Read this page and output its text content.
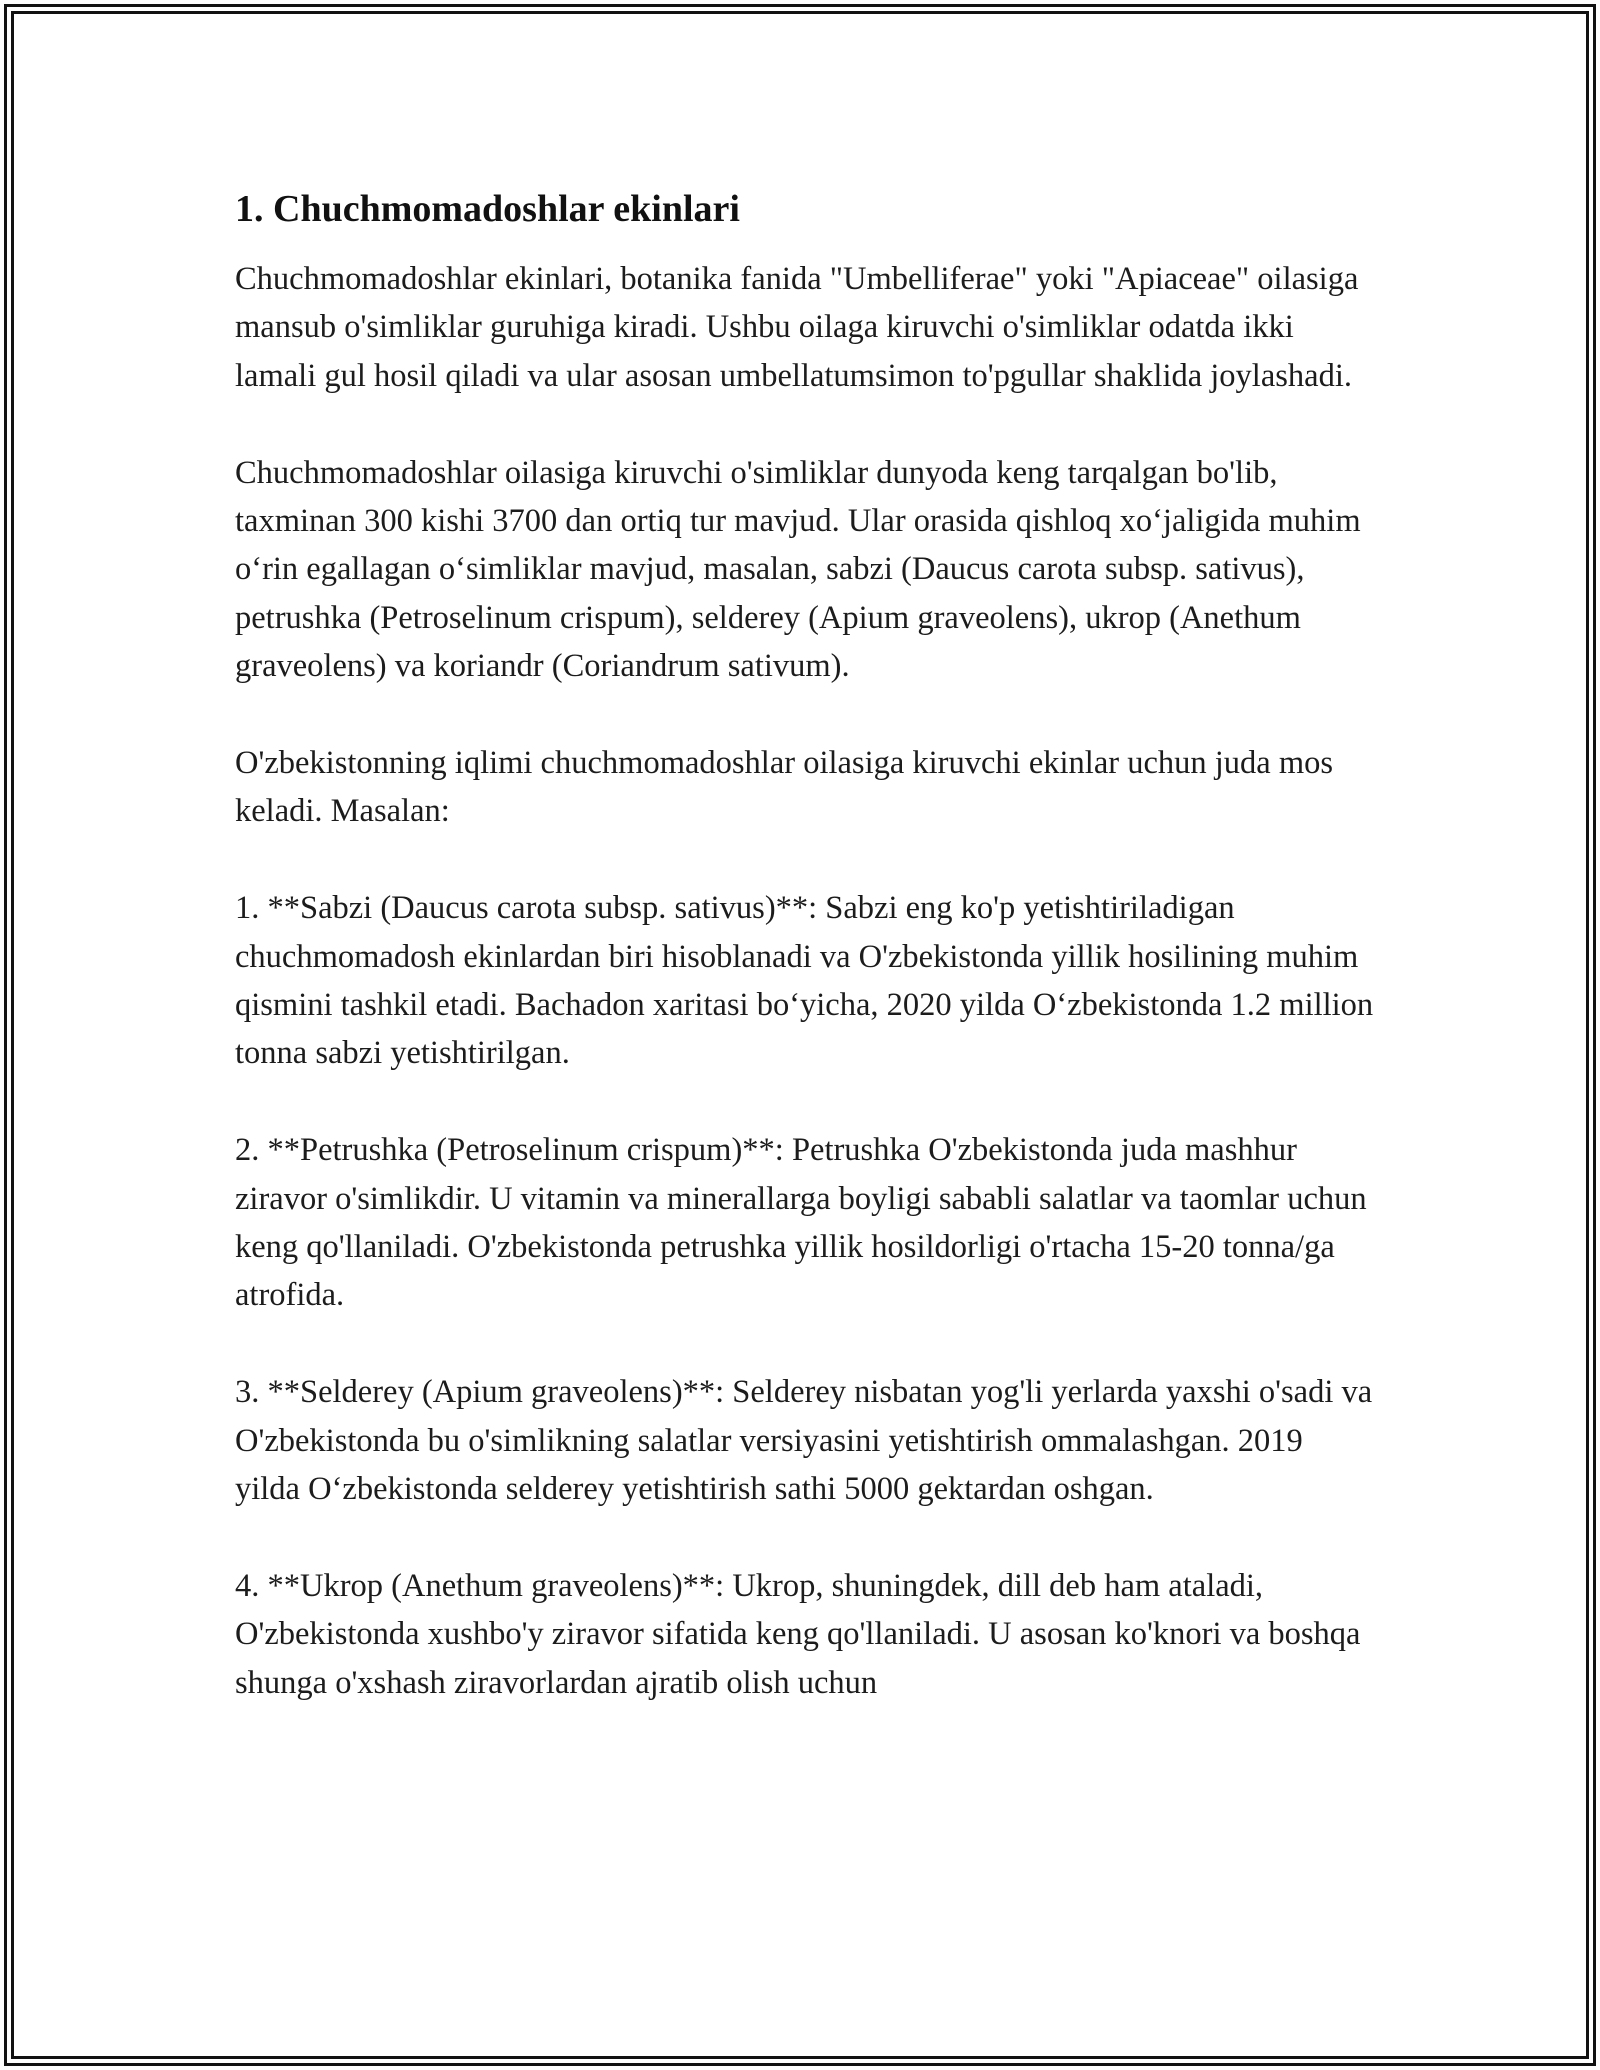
1. Chuchmomadoshlar ekinlari

Chuchmomadoshlar ekinlari, botanika fanida "Umbelliferae" yoki "Apiaceae" oilasiga mansub o'simliklar guruhiga kiradi. Ushbu oilaga kiruvchi o'simliklar odatda ikki lamali gul hosil qiladi va ular asosan umbellatumsimon to'pgullar shaklida joylashadi.

Chuchmomadoshlar oilasiga kiruvchi o'simliklar dunyoda keng tarqalgan bo'lib, taxminan 300 kishi 3700 dan ortiq tur mavjud. Ular orasida qishloq xo‘jaligida muhim o‘rin egallagan o‘simliklar mavjud, masalan, sabzi (Daucus carota subsp. sativus), petrushka (Petroselinum crispum), selderey (Apium graveolens), ukrop (Anethum graveolens) va koriandr (Coriandrum sativum).

O'zbekistonning iqlimi chuchmomadoshlar oilasiga kiruvchi ekinlar uchun juda mos keladi. Masalan:

1. **Sabzi (Daucus carota subsp. sativus)**: Sabzi eng ko'p yetishtiriladigan chuchmomadosh ekinlardan biri hisoblanadi va O'zbekistonda yillik hosilining muhim qismini tashkil etadi. Bachadon xaritasi bo‘yicha, 2020 yilda O‘zbekistonda 1.2 million tonna sabzi yetishtirilgan.

2. **Petrushka (Petroselinum crispum)**: Petrushka O'zbekistonda juda mashhur ziravor o'simlikdir. U vitamin va minerallarga boyligi sababli salatlar va taomlar uchun keng qo'llaniladi. O'zbekistonda petrushka yillik hosildorligi o'rtacha 15-20 tonna/ga atrofida.

3. **Selderey (Apium graveolens)**: Selderey nisbatan yog'li yerlarda yaxshi o'sadi va O'zbekistonda bu o'simlikning salatlar versiyasini yetishtirish ommalashgan. 2019 yilda O‘zbekistonda selderey yetishtirish sathi 5000 gektardan oshgan.

4. **Ukrop (Anethum graveolens)**: Ukrop, shuningdek, dill deb ham ataladi, O'zbekistonda xushbo'y ziravor sifatida keng qo'llaniladi. U asosan ko'knori va boshqa shunga o'xshash ziravorlardan ajratib olish uchun
